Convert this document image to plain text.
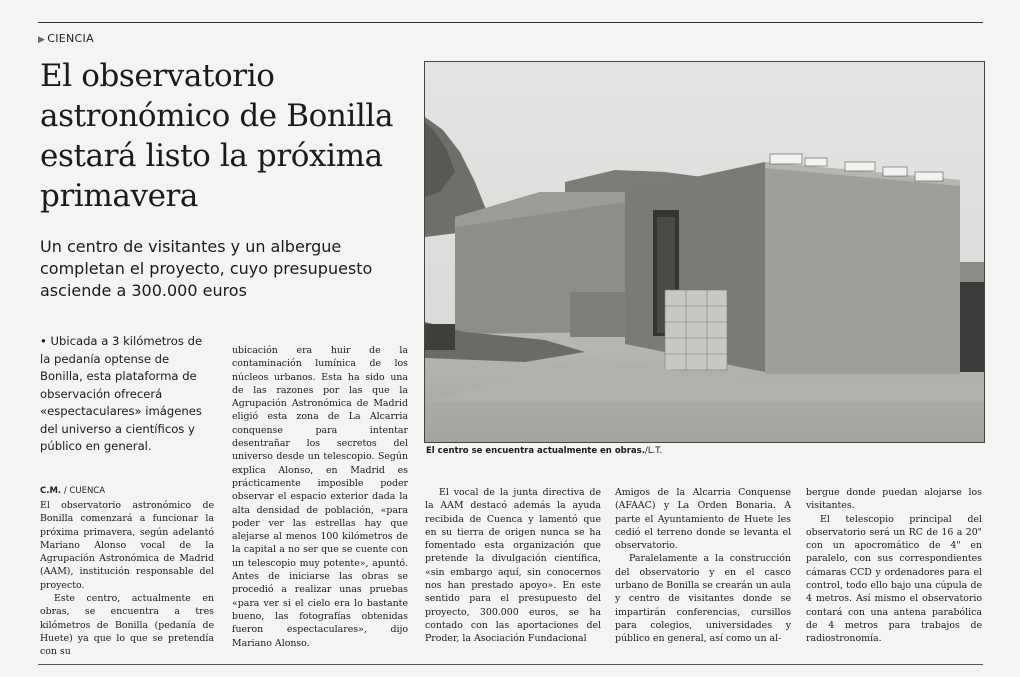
▶ CIENCIA
El observatorio astronómico de Bonilla estará listo la próxima primavera

Un centro de visitantes y un albergue completan el proyecto, cuyo presupuesto asciende a 300.000 euros

• Ubicada a 3 kilómetros de la pedanía optense de Bonilla, esta plataforma de observación ofrecerá «espectaculares» imágenes del universo a científicos y público en general.
C.M. / CUENCA

El observatorio astronómico de Bonilla comenzará a funcionar la próxima primavera, según adelantó Mariano Alonso vocal de la Agrupación Astronómica de Madrid (AAM), institución responsable del proyecto.

Este centro, actualmente en obras, se encuentra a tres kilómetros de Bonilla (pedanía de Huete) ya que lo que se pretendía con su

ubicación era huir de la contaminación lumínica de los núcleos urbanos. Esta ha sido una de las razones por las que la Agrupación Astronómica de Madrid eligió esta zona de La Alcarria conquense para intentar desentrañar los secretos del universo desde un telescopio. Según explica Alonso, en Madrid es prácticamente imposible poder observar el espacio exterior dada la alta densidad de población, «para poder ver las estrellas hay que alejarse al menos 100 kilómetros de la capital a no ser que se cuente con un telescopio muy potente», apuntó. Antes de iniciarse las obras se procedió a realizar unas pruebas «para ver si el cielo era lo bastante bueno, las fotografías obtenidas fueron espectaculares», dijo Mariano Alonso.

El vocal de la junta directiva de la AAM destacó además la ayuda recibida de Cuenca y lamentó que en su tierra de origen nunca se ha fomentado esta organización que pretende la divulgación científica, «sin embargo aquí, sin conocernos nos han prestado apoyo». En este sentido para el presupuesto del proyecto, 300.000 euros, se ha contado con las aportaciones del Proder, la Asociación Fundacional

Amigos de la Alcarria Conquense (AFAAC) y La Orden Bonaria. A parte el Ayuntamiento de Huete les cedió el terreno donde se levanta el observatorio.

Paralelamente a la construcción del observatorio y en el casco urbano de Bonilla se crearán un aula y centro de visitantes donde se impartirán conferencias, cursillos para colegios, universidades y público en general, así como un al-

bergue donde puedan alojarse los visitantes.

El telescopio principal del observatorio será un RC de 16 a 20" con un apocromático de 4" en paralelo, con sus correspondientes cámaras CCD y ordenadores para el control, todo ello bajo una cúpula de 4 metros. Así mismo el observatorio contará con una antena parabólica de 4 metros para trabajos de radiostronomía.

El centro se encuentra actualmente en obras./L.T.
